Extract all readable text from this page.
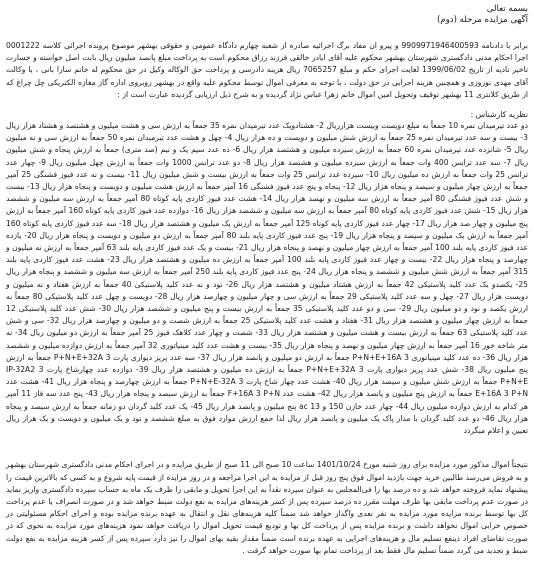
بسمه تعالی

آگهی مزایده مرحله (دوم)

برابر با دادنامه 9909971946400593 و پیرو ان مفاد برگ اجرائیه صادره از شعبه چهارم دادگاه عمومی و حقوقی بهشهر موضوع پرونده اجرائی کلاسه 0001222 اجرا احکام مدنی دادگستری شهرستان بهشهر محکوم علیه آقای ابادر خالقی فرزند رزاق محکوم است به پرداخت مبلغ پانصد میلیون ریال بابت اصل خواسته و خسارت تاخیر تادیه از تاریخ 1399/06/02 لغایت اجرای حکم و مبلغ 7065257 ریال هزینه دادرسی و پرداخت حق الوکاله وکیل در حق محکوم له خانم سارا بانی ، با وکالت آقای مهدی نوروزی و همچنین هزینه اجرایی در حق دولت ، با توجه به معرفی اموال توسط محکوم علیه واقع در بهشهر روبروی اداره گاز مغازه الکتریکی چل چراغ که از طریق کلانتری 11 بهشهر توقیف وتحویل امین اموال خانم زهرا عباس نژاد گردیده و به شرح ذیل ارزیابی گردیده عبارت است از :

نظریه کارشناس :

دو عدد تیرمیدان نمره 10 جمعاً به مبلغ دویست وبیست هزارریال 2- هشتادویک عدد تیرمیدان نمره 35 جمعاً به ارزش سی و هشت میلیون و هشتصد و هشتاد هزار ریال 3- بیست و سه عدد تیرمیدان نمره 25 جمعاً به ارزش شش میلیون و دویست و ده هزار ریال 4- چهل و هشت عدد تیرمیدان نمره 50 جمعاً به ارزش سی و نه میلیون ریال 5- شانزده عدد تیرمیدان نمره 60 جمعاً به ارزش سیزده میلیون و هشتصد هزار ریال 6- ده عدد سیم یک و نیم (صد متری) جمعاً به ارزش پنجاه و شش میلیون ریال 7- سه عدد ترانس 400 وات جمعاً به ارزش سیزده میلیون و هشتصد هزار ریال 8- دو عدد ترانس 1000 وات جمعاً به ارزش چهل میلیون ریال 9- چهار عدد ترانس 25 وات جمعاً به ارزش ده میلیون ریال 10- سیزده عدد ترانس 25 وات جمعاً به ارزش بیست و شش میلیون ریال 11- بیست و نه عدد فیوز فشنگی 25 آمپر جمعاً به ارزش چهار میلیون و سیصد و پنجاه هزار ریال 12- پنجاه و پنج عدد فیوز فشنگی 16 آمپر جمعاً به ارزش هشت میلیون و دویست و پنجاه هزار ریال 13- بیست و شش عدد فیوز فشنگی 80 آمپر جمعاً به ارزش سه میلیون و نهصد هزار ریال 14- هشت عدد فیوز کاردی پایه کوتاه 80 آمپر جمعاً به ارزش سه میلیون و ششصد هزار ریال 15- شش عدد فیوز کاردی پایه کوتاه 80 آمپر جمعاً به ارزش سه میلیون و ششصد هزار ریال 16- دوازده عدد فیوز کاردی پایه کوتاه 160 آمپر جمعاً به ارزش پنج میلیون و چهار صد هزار ریال 17- چهار عدد فیوز کاردی پایه کوتاه 125 آمپر جمعاً به ارزش یک میلیون و هشتصد هزار ریال 18- سه عدد فیوز کاردی پایه کوتاه 160 آمپر جمعاً به ارزش یک میلیون و سیصد و پنجاه هزار ریال 19- پنج عدد فیوز کاردی پایه بلند 80 آمپر جمعاً به ارزش دو میلیون و دویست و پنجاه هزار ریال 20- یازده عدد فیوز کاردی پایه بلند 100 آمپر جمعاً به ارزش چهار میلیون و نهصد و پنجاه هزار ریال 21- بیست و یک عدد فیوز کاردی پایه بلند 63 آمپر جمعاً به ارزش نه میلیون و چهارصد و پنجاه هزار ریال 22- بیست و چهار عدد فیوز کاردی پایه بلند 100 آمپر جمعاً به ارزش ده میلیون و هشتصد هزار ریال 23- هشت عدد فیوز کاردی پایه بلند 315 آمپر جمعاً به ارزش شش میلیون و ششصد و پنجاه هزار ریال 24- پنج عدد فیوز کاردی پایه بلند 250 آمپر جمعاً به ارزش سه میلیون و ششصد و پنجاه هزار ریال 25- یکصدو یک عدد کلید پلاستیکی 42 جمعاً به ارزش هشتاد میلیون و هشتصد هزار ریال 26- نود و نه عدد کلید پلاستیکی 40 جمعاً به ارزش هفتاد و نه میلیون و دویست هزار ریال 27- چهل و سه عدد کلید پلاستیکی 29 جمعاً به ارزش سی و چهار میلیون و چهارصد هزار ریال 28- دویست و چهل عدد کلید پلاستیکی 80 جمعاً به ارزش یکصد و نود و دو میلیون ریال 29- سی و دو عدد کلید پلاستیکی 35 جمعاً به ارزش بیست و پنج میلیون و ششصد هزار ریال 30- شش عدد کلید پلاستیکی 12 جمعاً به ارزش چهار میلیون و هشتصد هزار ریال 31- هفتاد و هشت عدد کلید پلاستیکی 25 جمعاً به ارزش شصت و دو میلیون و چهارصد هزار ریال 32- سی و شش عدد کلید پلاستیکی 63 جمعاً به ارزش بیست و هشت میلیون و هشتصد هزار ریال 33- شصت و چهار عدد کلاهک فیوز 25 آمپر جمعاً به ارزش دو میلیون ریال 34- نه متر شاخه خور 16 آمپر جمعاً به ارزش چهار میلیون و نهصد و پنجاه هزار ریال 35- بیست و هشت عدد کلید مینیاتوری 32 آمپر جمعاً به ارزش دوازده میلیون و ششصد هزار ریال 36- ده عدد کلید مینیاتوری P+N+E+16A 3 جمعاً به ارزش دو میلیون و پانصد هزار ریال 37- سه عدد پریز دیواری پارت 3 P+N+E+32A جمعاً به ارزش پنج میلیون ریال 38- شش عدد پریز دیواری پارت 3 P+N+E+32A جمعاً به ارزش ده میلیون و هشتصد هزار ریال 39- دوازده عدد چهارشاخ پارت 3 IP-32A2 P+N+E جمعاً به ارزش شش میلیون و سیصد هزار ریال 40- هشت عدد چهار شاخ پارت 3 P+N+E-32A جمعاً به ارزش چهارصد و پنجاه هزار ریال 41- هشت عدد E+16A 3 P+N جمعاً به ارزش پنج میلیون و پانصد هزار ریال 42- هشت عدد F+16A 3 P+N جمعاً به ارزش سیصد و پنجاه هزار ریال 43- پنج عدد سه فاز 11 آمپر هر کدام به ارزش دوازده میلیون ریال 44- چهار عدد خازن 150 و 13 ac پنج میلیون و پانصد هزار ریال 45- یک عدد کلید گردان دو زمانه جمعاً به ارزش سیصد و پنجاه هزار ریال 46- دو عدد کلید گردان با مدار پاک یک میلیون و پانصد هزار ریال لذا جمع ارزش موارد فوق به مبلغ ششصد و نود و یک میلیون و دویست و یک هزار ریال تعیین و اعلام میگردد

نتیجتاً اموال مذکور مورد مزایده برای روز شنبه مورخ 1401/10/24 ساعت 10 صبح الی 11 صبح از طریق مزایده و در اجرای احکام مدنی دادگستری شهرستان بهشهر و به فروش می‌رسد طالبین خرید جهت بازدید اموال فوق پنج روز قبل از مزایده به این اجرا مراجعه و در روز مزایده از قیمت پایه شروع و به کسی که بالاترین قیمت را پیشنهاد نماید فروخته خواهد شد و ده درصد بها را فی‌المجلس به عنوان سپرده نقداً به این اجرا تحویل و مابقی را ظرف یک ماه به حساب سپرده دادگستری واریز نماید در صورت عدم پرداخت مابقی بها ظرف مهلت مقرر ده درصد سپرده پس از کسر هزینه‌های مزایده به نفع دولت ضبط خواهد شد و در صورت انصراف یا عدم پرداخت کل بها توسط برنده مزایده مورد مزایده به نفر بعدی واگذار خواهد شد ضمناً کلیه هزینه‌های نقل و انتقال به عهده برنده مزایده بوده و اجرای احکام مسئولیتی در خصوص خرابی اموال نخواهد داشت و برنده مزایده پس از پرداخت کل بها و تودیع قیمت تحویل اموال را دریافت خواهد نمود هزینه‌های مورد مزایده به نحوی که در صورت تقاضای افراد ذینفع تسلیم مال و هزینه‌های اجرایی به عهده برنده است ضمناً مقدار بقیه بهای اموال را نیز دارد سپرده پس از کسر هزینه مزایده به نفع دولت ضبط و تجدید می گردد ضمناً تسلیم مال فقط بعد از پرداخت تمام بها صورت خواهد گرفت .
